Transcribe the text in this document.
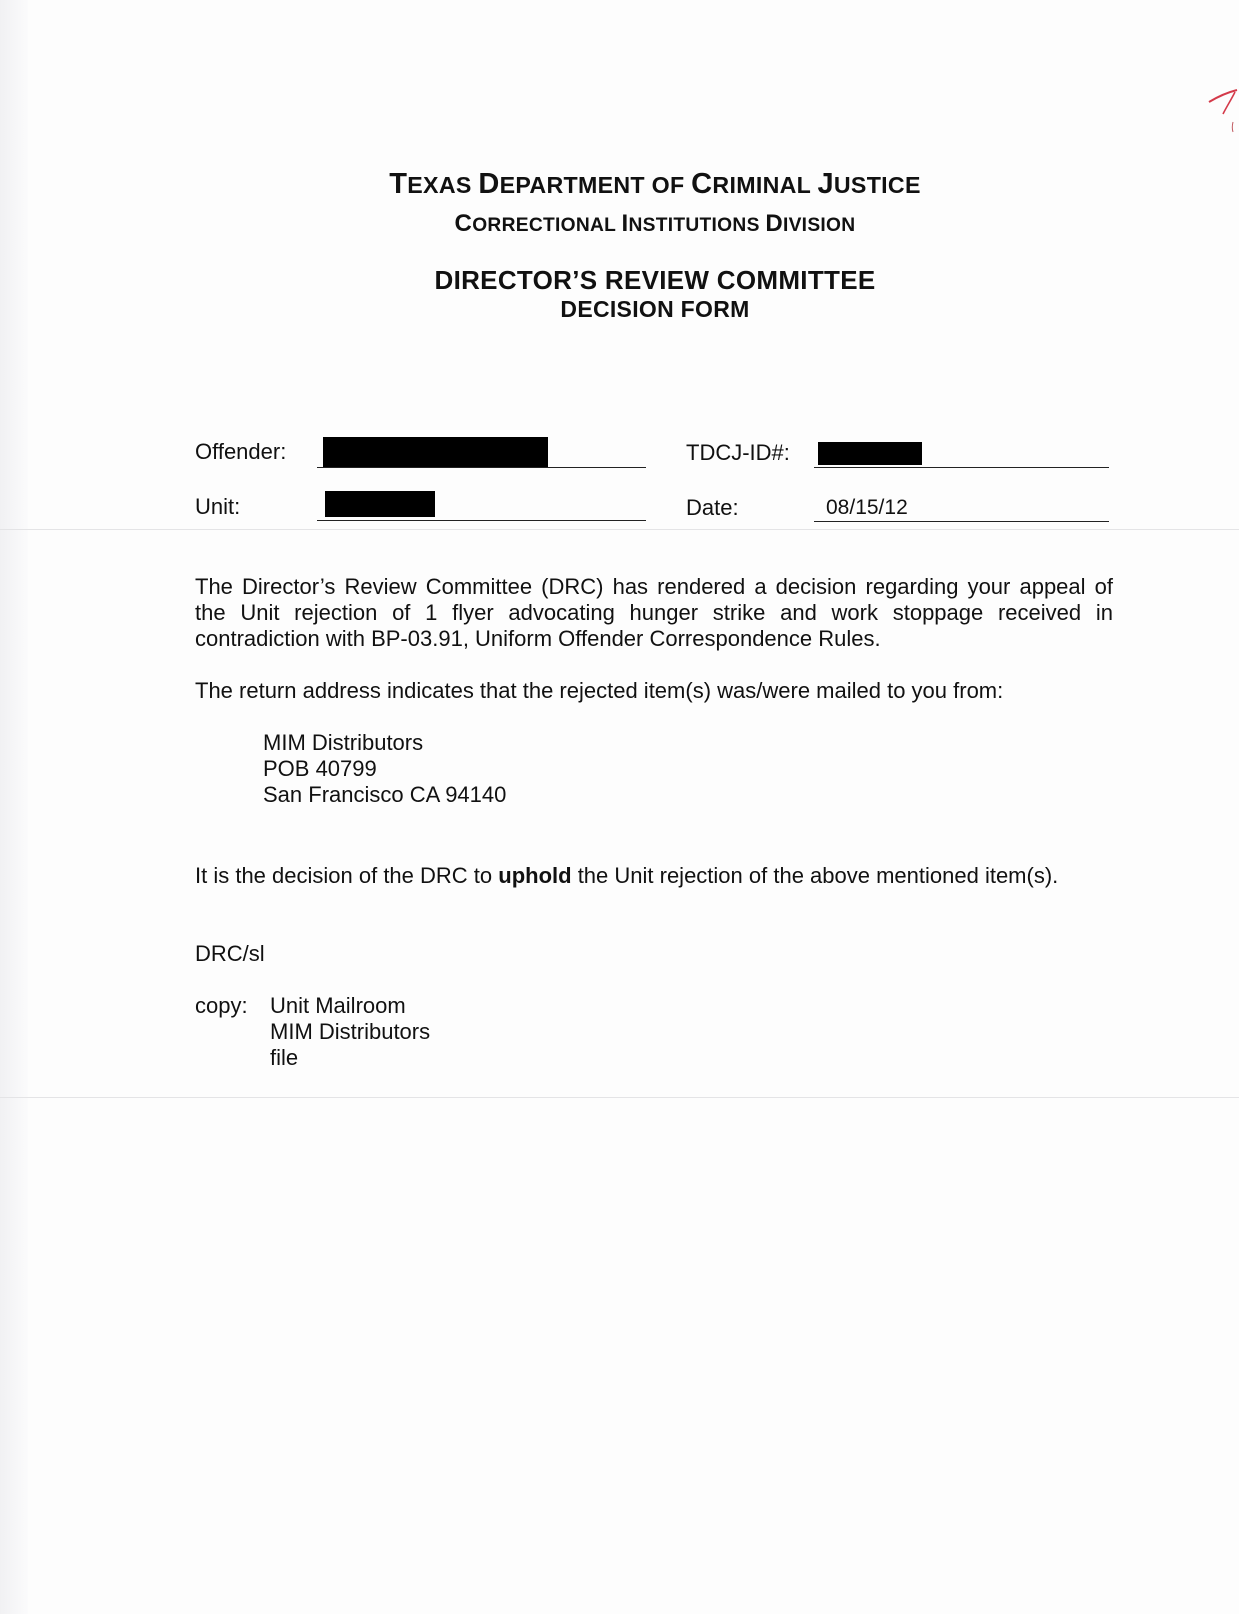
TEXAS DEPARTMENT OF CRIMINAL JUSTICE
CORRECTIONAL INSTITUTIONS DIVISION
DIRECTOR’S REVIEW COMMITTEE
DECISION FORM
Offender:	TDCJ-ID#:
Unit:	Date:	08/15/12
The Director’s Review Committee (DRC) has rendered a decision regarding your appeal of the Unit rejection of 1 flyer advocating hunger strike and work stoppage received in contradiction with BP-03.91, Uniform Offender Correspondence Rules.
The return address indicates that the rejected item(s) was/were mailed to you from:
MIM Distributors
POB 40799
San Francisco CA 94140
It is the decision of the DRC to uphold the Unit rejection of the above mentioned item(s).
DRC/sl
copy: Unit Mailroom
MIM Distributors
file
